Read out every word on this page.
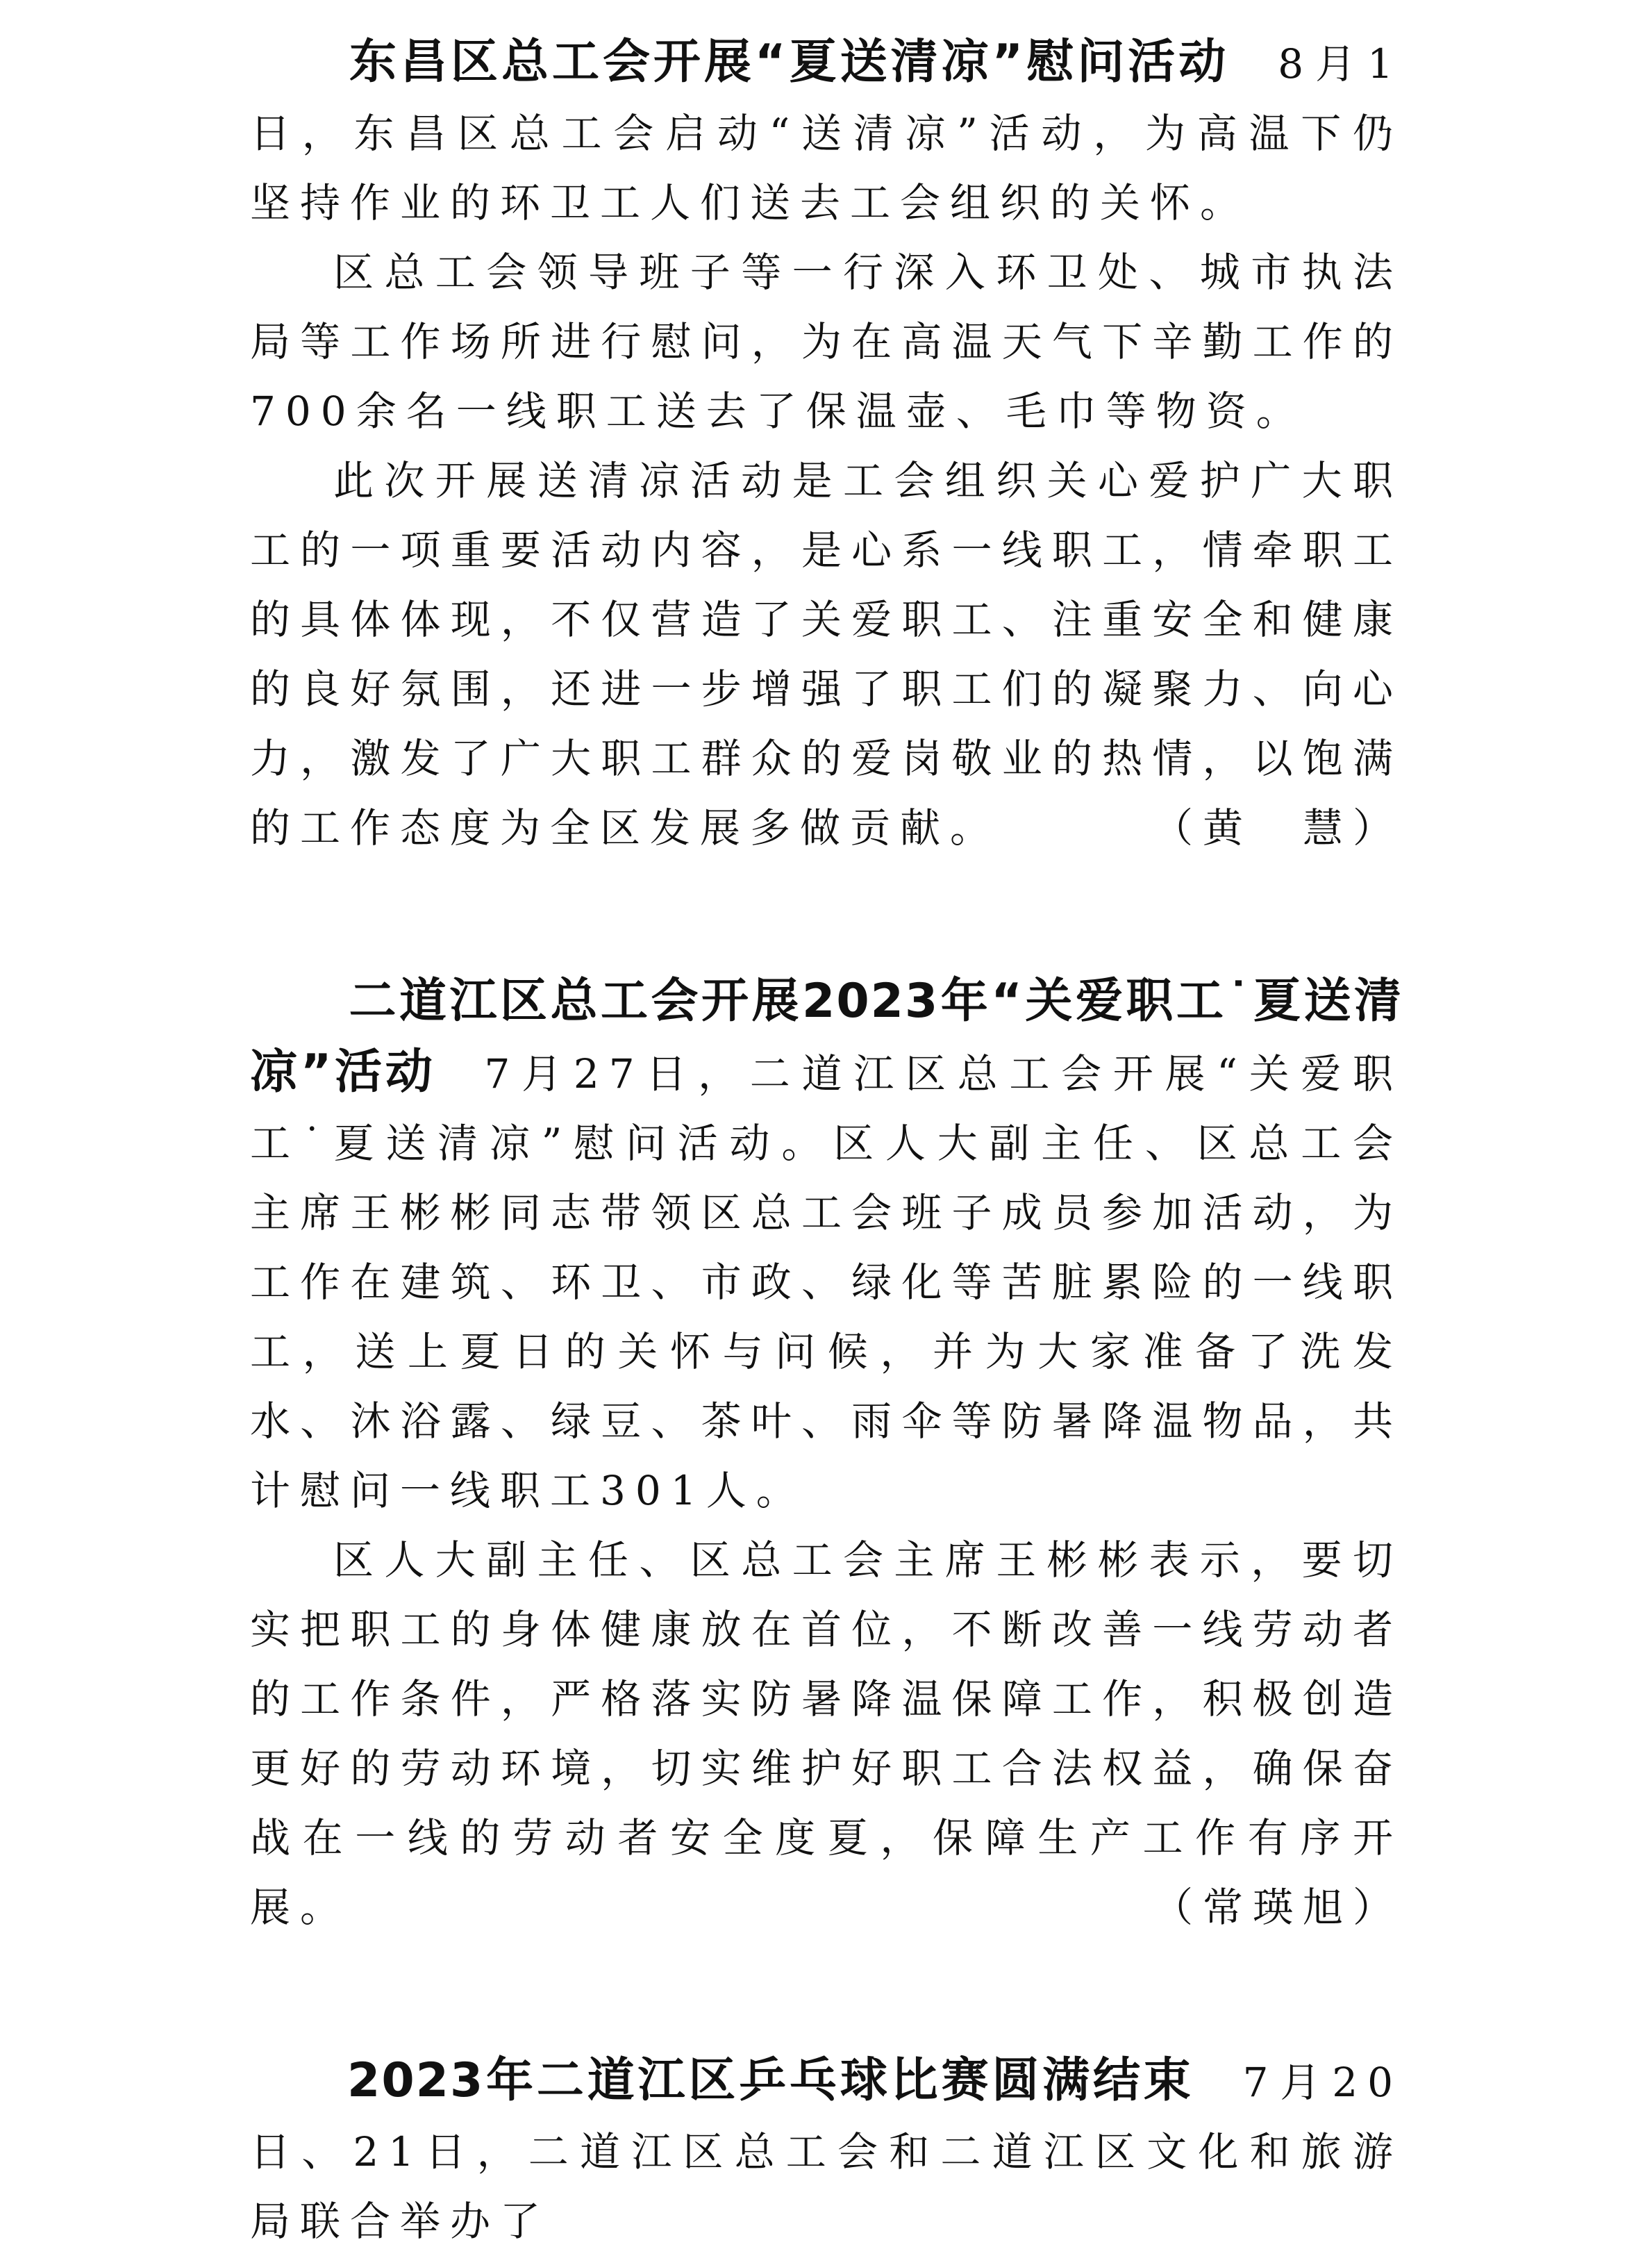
东昌区总工会开展“夏送清凉”慰问活动 8月1日，东昌区总工会启动“送清凉”活动，为高温下仍坚持作业的环卫工人们送去工会组织的关怀。

区总工会领导班子等一行深入环卫处、城市执法局等工作场所进行慰问，为在高温天气下辛勤工作的700余名一线职工送去了保温壶、毛巾等物资。

此次开展送清凉活动是工会组织关心爱护广大职工的一项重要活动内容，是心系一线职工，情牵职工的具体体现，不仅营造了关爱职工、注重安全和健康的良好氛围，还进一步增强了职工们的凝聚力、向心力，激发了广大职工群众的爱岗敬业的热情，以饱满的工作态度为全区发展多做贡献。	（黄　慧）

二道江区总工会开展2023年“关爱职工˙夏送清凉”活动 7月27日，二道江区总工会开展“关爱职工˙夏送清凉”慰问活动。区人大副主任、区总工会主席王彬彬同志带领区总工会班子成员参加活动，为工作在建筑、环卫、市政、绿化等苦脏累险的一线职工，送上夏日的关怀与问候，并为大家准备了洗发水、沐浴露、绿豆、茶叶、雨伞等防暑降温物品，共计慰问一线职工301人。

区人大副主任、区总工会主席王彬彬表示，要切实把职工的身体健康放在首位，不断改善一线劳动者的工作条件，严格落实防暑降温保障工作，积极创造更好的劳动环境，切实维护好职工合法权益，确保奋战在一线的劳动者安全度夏，保障生产工作有序开展。	（常瑛旭）

2023年二道江区乒乓球比赛圆满结束 7月20日、21日，二道江区总工会和二道江区文化和旅游局联合举办了
